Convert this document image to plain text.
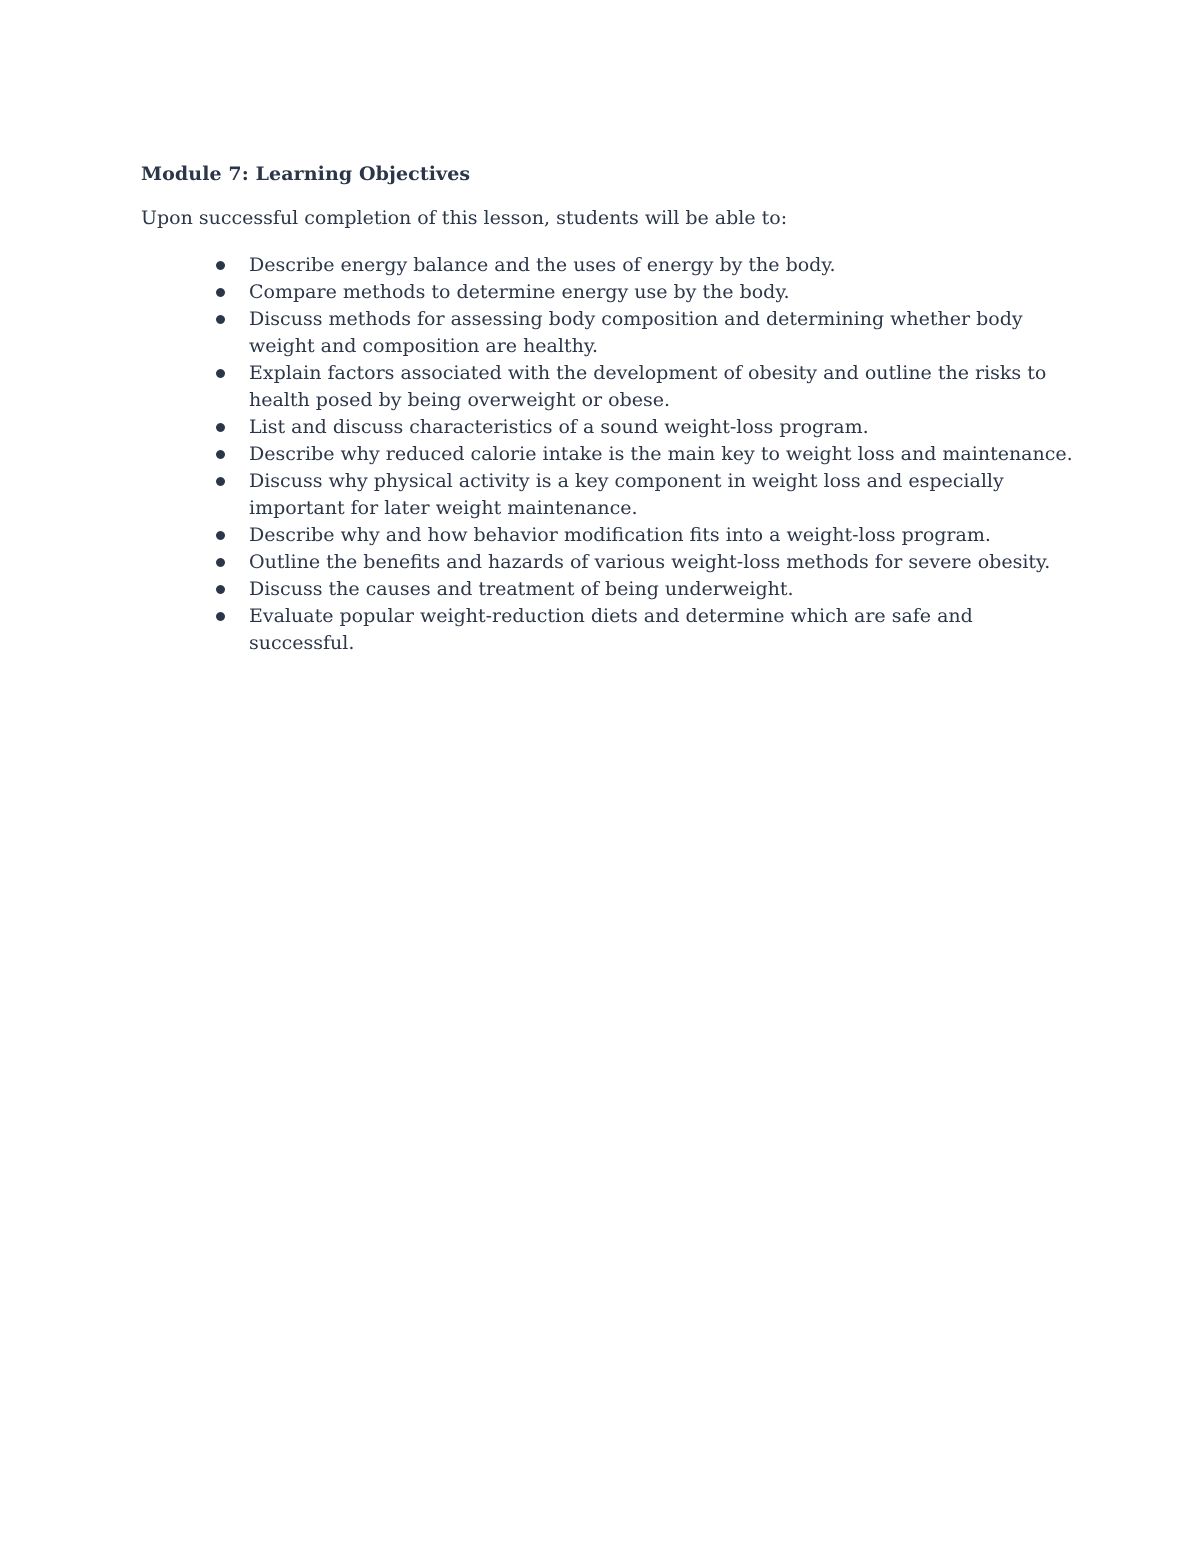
Module 7: Learning Objectives

Upon successful completion of this lesson, students will be able to:

Describe energy balance and the uses of energy by the body.
Compare methods to determine energy use by the body.
Discuss methods for assessing body composition and determining whether body weight and composition are healthy.
Explain factors associated with the development of obesity and outline the risks to health posed by being overweight or obese.
List and discuss characteristics of a sound weight-loss program.
Describe why reduced calorie intake is the main key to weight loss and maintenance.
Discuss why physical activity is a key component in weight loss and especially important for later weight maintenance.
Describe why and how behavior modification fits into a weight-loss program.
Outline the benefits and hazards of various weight-loss methods for severe obesity.
Discuss the causes and treatment of being underweight.
Evaluate popular weight-reduction diets and determine which are safe and successful.
